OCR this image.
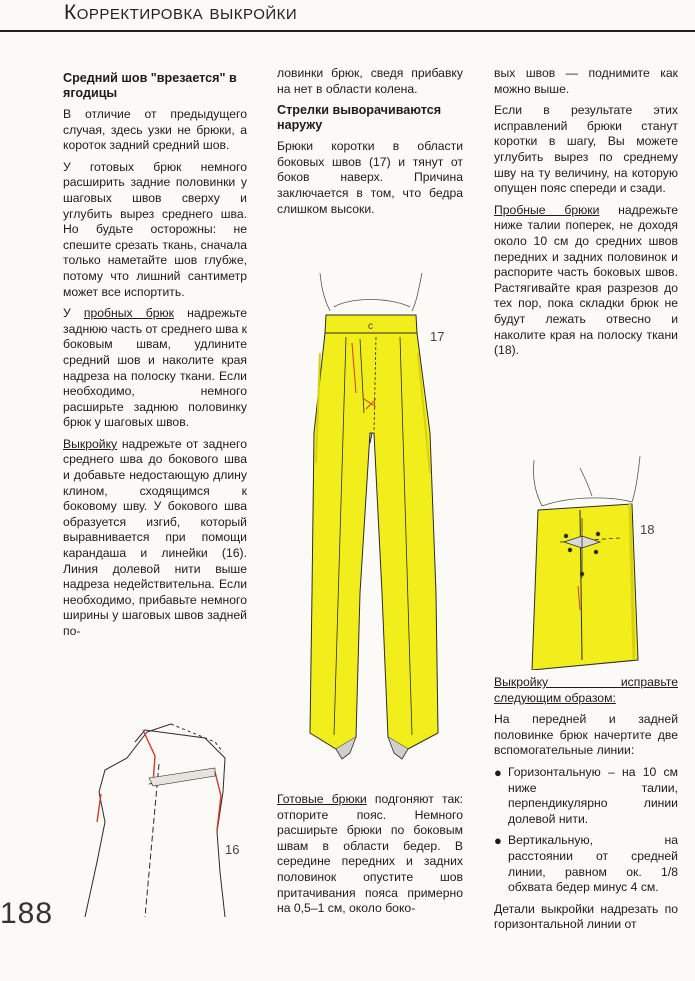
Корректировка выкройки
Средний шов "врезается" в ягодицы

В отличие от предыдущего случая, здесь узки не брюки, а короток задний средний шов.

У готовых брюк немного расширить задние половинки у шаговых швов сверху и углубить вырез среднего шва. Но будьте осторожны: не спешите срезать ткань, сначала только наметайте шов глубже, потому что лишний сантиметр может все испортить.

У пробных брюк надрежьте заднюю часть от среднего шва к боковым швам, удлините средний шов и наколите края надреза на полоску ткани. Если необходимо, немного расширьте заднюю половинку брюк у шаговых швов.

Выкройку надрежьте от заднего среднего шва до бокового шва и добавьте недостающую длину клином, сходящимся к боковому шву. У бокового шва образуется изгиб, который выравнивается при помощи карандаша и линейки (16). Линия долевой нити выше надреза недействительна. Если необходимо, прибавьте немного ширины у шаговых швов задней по-

ловинки брюк, сведя прибавку на нет в области колена.

Стрелки выворачиваются наружу

Брюки коротки в области боковых швов (17) и тянут от боков наверх. Причина заключается в том, что бедра слишком высоки.

Готовые брюки подгоняют так: отпорите пояс. Немного расширьте брюки по боковым швам в области бедер. В середине передних и задних половинок опустите шов притачивания пояса примерно на 0,5–1 см, около боко-

вых швов — поднимите как можно выше.

Если в результате этих исправлений брюки станут коротки в шагу, Вы можете углубить вырез по среднему шву на ту величину, на которую опущен пояс спереди и сзади.

Пробные брюки надрежьте ниже талии поперек, не доходя около 10 см до средних швов передних и задних половинок и распорите часть боковых швов. Растягивайте края разрезов до тех пор, пока складки брюк не будут лежать отвесно и наколите края на полоску ткани (18).

Выкройку исправьте следующим образом:

На передней и задней половинке брюк начертите две вспомогательные линии:

● Горизонтальную – на 10 см ниже талии, перпендикулярно линии долевой нити.
● Вертикальную, на расстоянии от средней линии, равном ок. 1/8 обхвата бедер минус 4 см.

Детали выкройки надрезать по горизонтальной линии от

188
16
c
17
18
